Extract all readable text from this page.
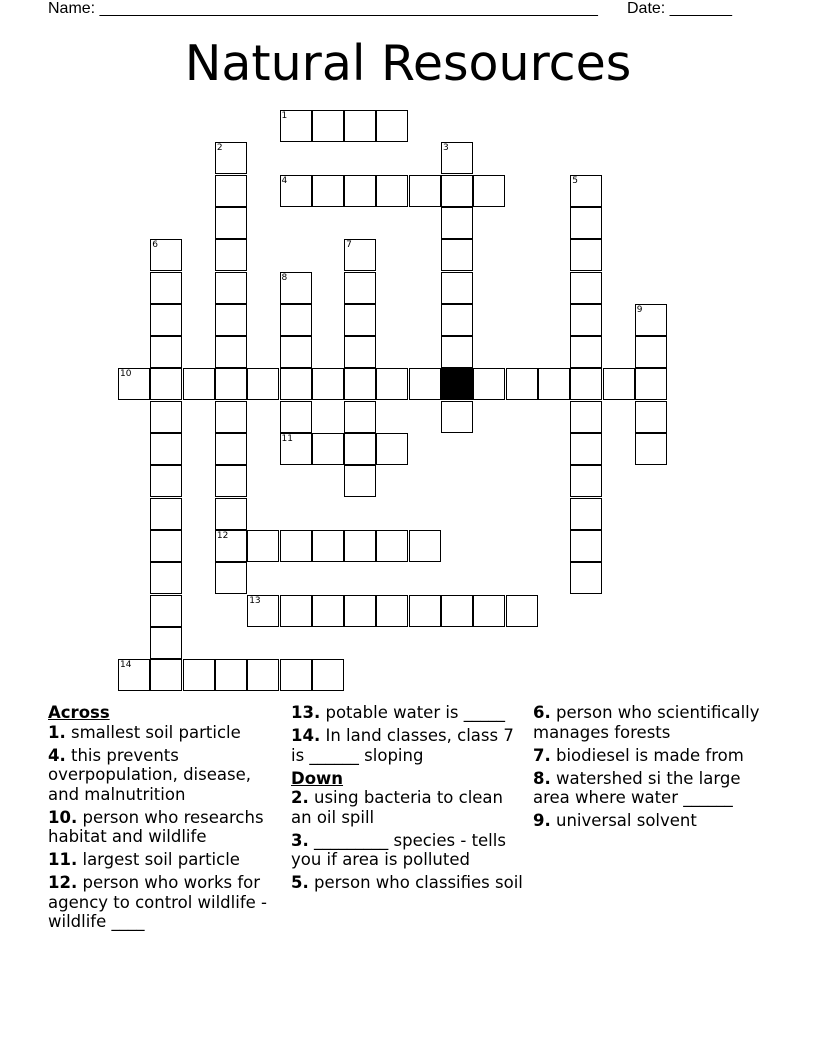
Name: ________________________________________________________ Date: _______
Natural Resources
1
4
10
11
12
13
14
2	3
5
6	7
8
9
Across
1. smallest soil particle
4. this prevents overpopulation, disease, and malnutrition
10. person who researchs habitat and wildlife
11. largest soil particle
12. person who works for agency to control wildlife - wildlife ____
13. potable water is _____
14. In land classes, class 7 is ______ sloping
Down
2. using bacteria to clean an oil spill
3. _________ species - tells you if area is polluted
5. person who classifies soil
6. person who scientifically manages forests
7. biodiesel is made from
8. watershed si the large area where water ______
9. universal solvent
